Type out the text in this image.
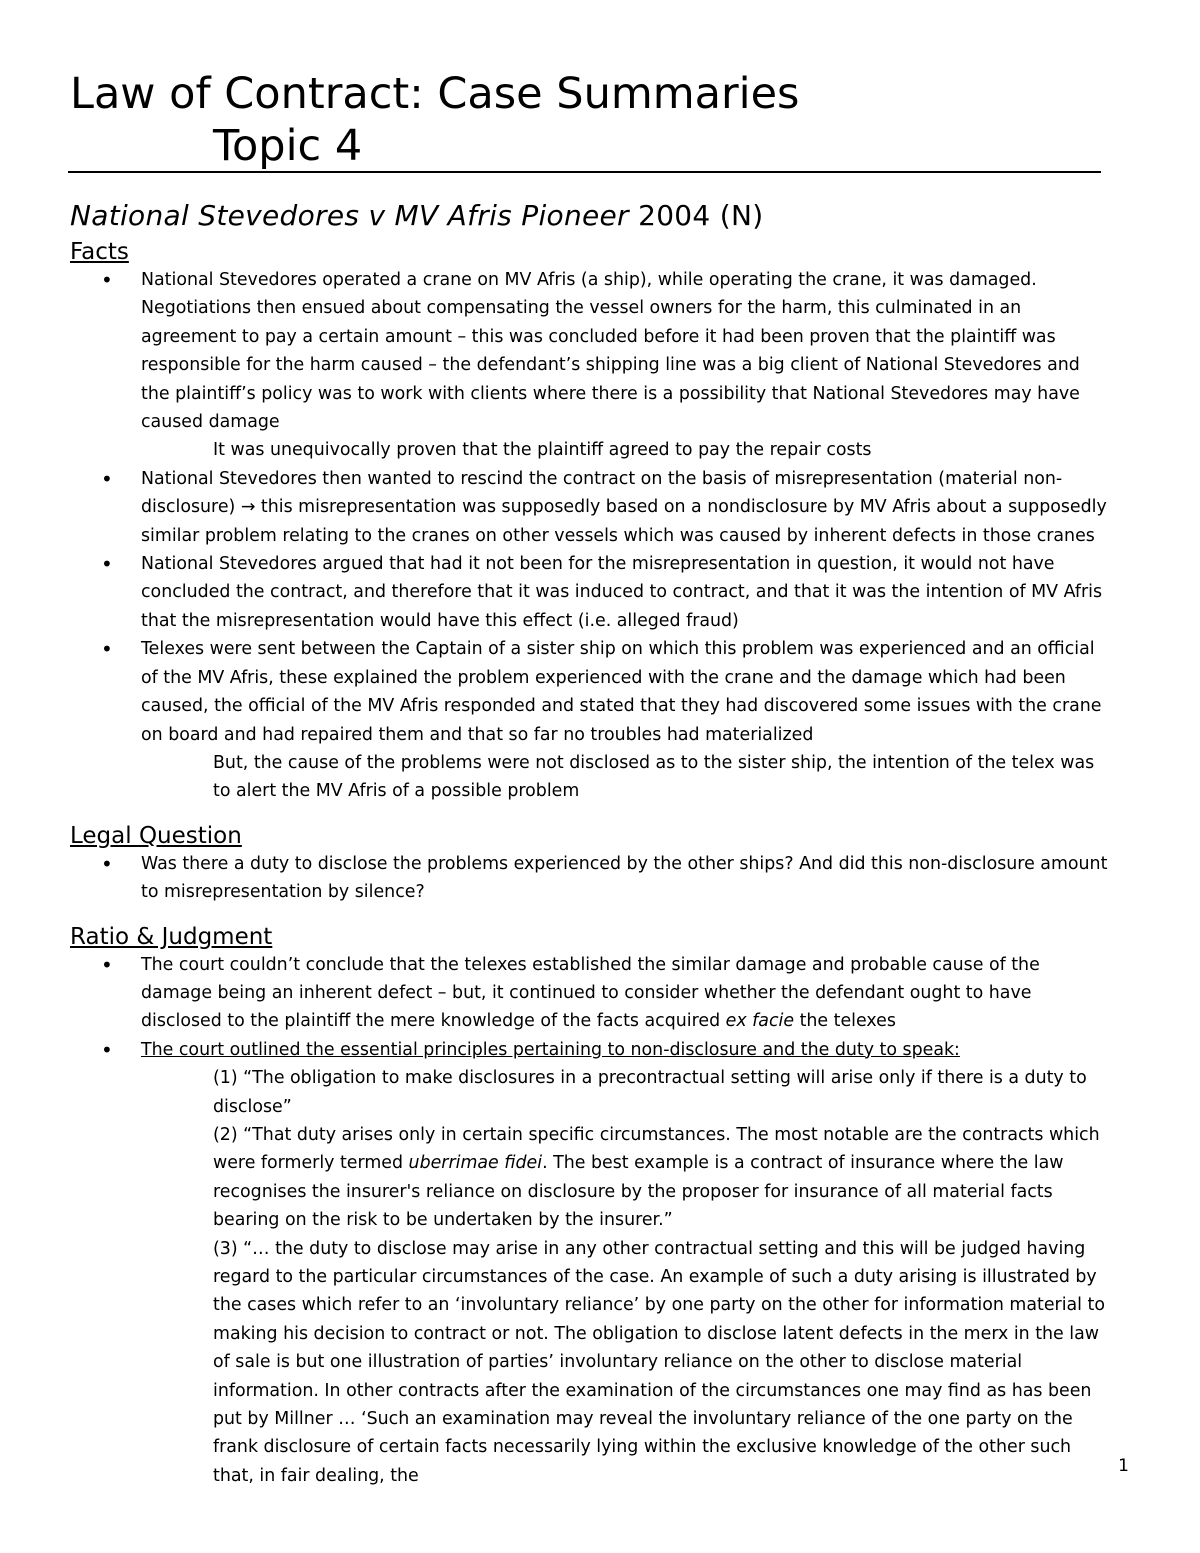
Law of Contract: Case Summaries
Topic 4
National Stevedores v MV Afris Pioneer 2004 (N)
Facts
• National Stevedores operated a crane on MV Afris (a ship), while operating the crane, it was damaged. Negotiations then ensued about compensating the vessel owners for the harm, this culminated in an agreement to pay a certain amount – this was concluded before it had been proven that the plaintiff was responsible for the harm caused – the defendant’s shipping line was a big client of National Stevedores and the plaintiff’s policy was to work with clients where there is a possibility that National Stevedores may have caused damage
It was unequivocally proven that the plaintiff agreed to pay the repair costs
• National Stevedores then wanted to rescind the contract on the basis of misrepresentation (material non-disclosure) → this misrepresentation was supposedly based on a nondisclosure by MV Afris about a supposedly similar problem relating to the cranes on other vessels which was caused by inherent defects in those cranes
• National Stevedores argued that had it not been for the misrepresentation in question, it would not have concluded the contract, and therefore that it was induced to contract, and that it was the intention of MV Afris that the misrepresentation would have this effect (i.e. alleged fraud)
• Telexes were sent between the Captain of a sister ship on which this problem was experienced and an official of the MV Afris, these explained the problem experienced with the crane and the damage which had been caused, the official of the MV Afris responded and stated that they had discovered some issues with the crane on board and had repaired them and that so far no troubles had materialized
But, the cause of the problems were not disclosed as to the sister ship, the intention of the telex was to alert the MV Afris of a possible problem
Legal Question
• Was there a duty to disclose the problems experienced by the other ships? And did this non-disclosure amount to misrepresentation by silence?
Ratio & Judgment
• The court couldn’t conclude that the telexes established the similar damage and probable cause of the damage being an inherent defect – but, it continued to consider whether the defendant ought to have disclosed to the plaintiff the mere knowledge of the facts acquired ex facie the telexes
• The court outlined the essential principles pertaining to non-disclosure and the duty to speak:
(1) “The obligation to make disclosures in a precontractual setting will arise only if there is a duty to disclose”
(2) “That duty arises only in certain specific circumstances. The most notable are the contracts which were formerly termed uberrimae fidei. The best example is a contract of insurance where the law recognises the insurer's reliance on disclosure by the proposer for insurance of all material facts bearing on the risk to be undertaken by the insurer.”
(3) “… the duty to disclose may arise in any other contractual setting and this will be judged having regard to the particular circumstances of the case. An example of such a duty arising is illustrated by the cases which refer to an ‘involuntary reliance’ by one party on the other for information material to making his decision to contract or not. The obligation to disclose latent defects in the merx in the law of sale is but one illustration of parties’ involuntary reliance on the other to disclose material information. In other contracts after the examination of the circumstances one may find as has been put by Millner … ‘Such an examination may reveal the involuntary reliance of the one party on the frank disclosure of certain facts necessarily lying within the exclusive knowledge of the other such that, in fair dealing, the	1
